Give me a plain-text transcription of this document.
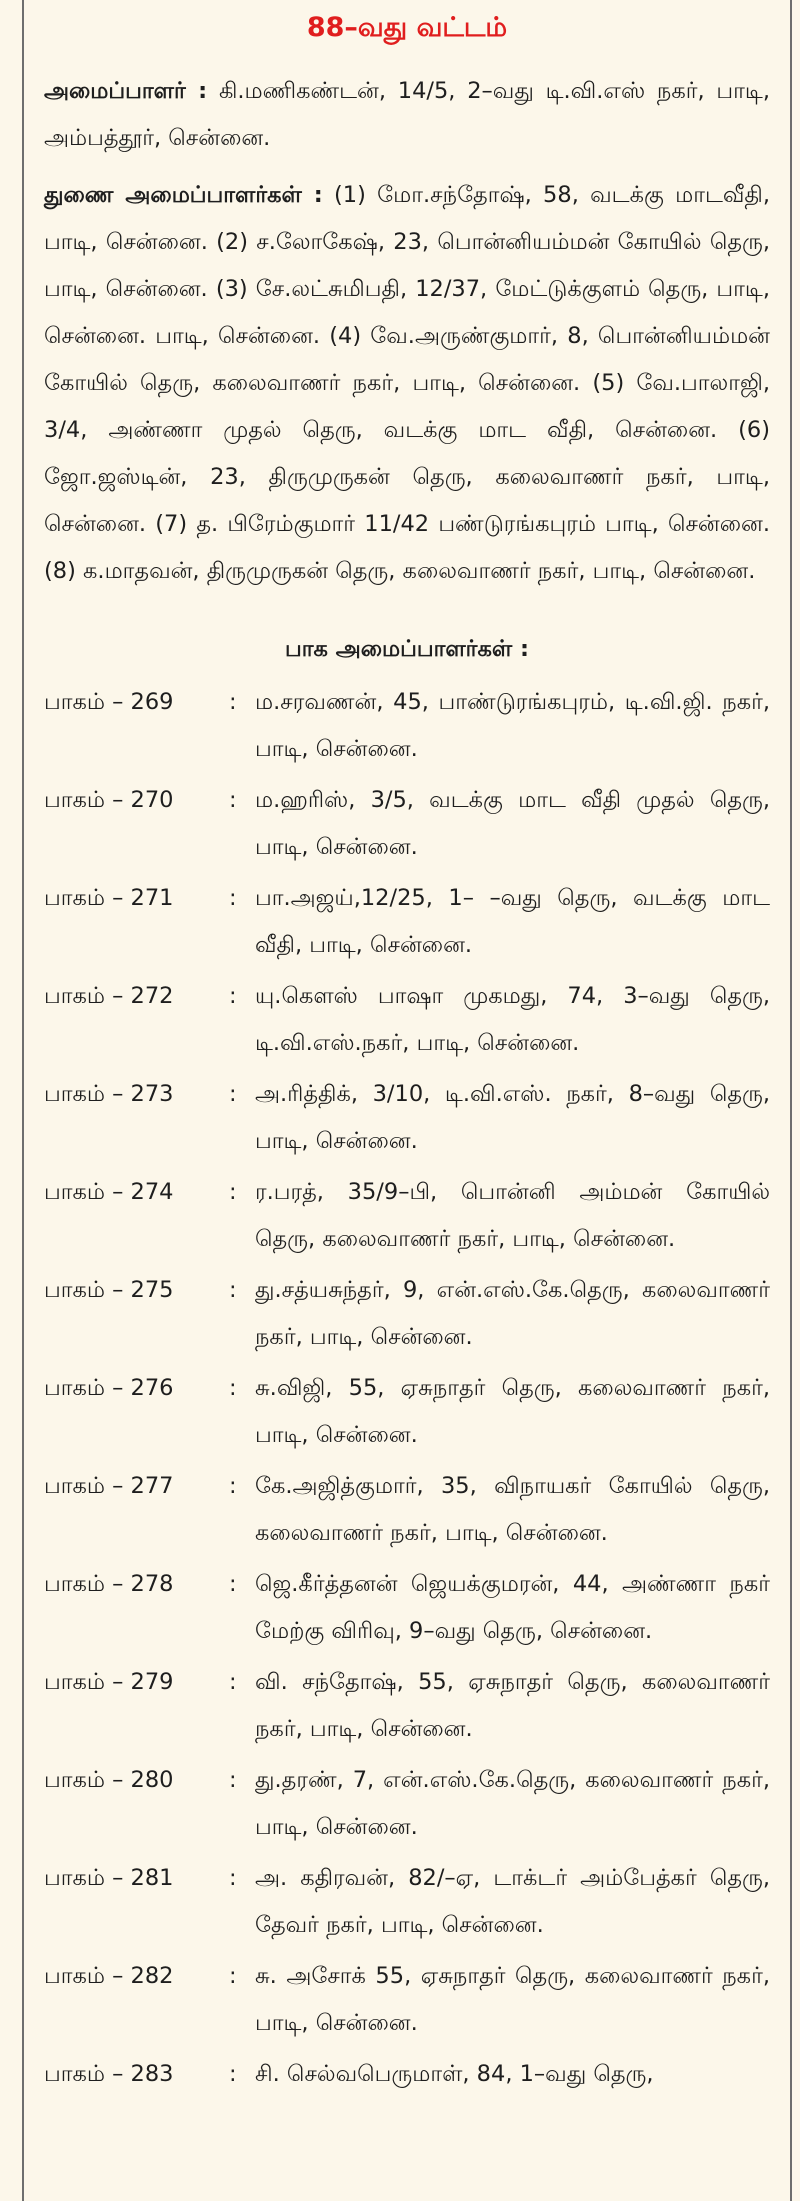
88–வது வட்டம்

அமைப்பாளர் : கி.மணிகண்டன், 14/5, 2–வது டி.வி.எஸ் நகர், பாடி, அம்பத்தூர், சென்னை.

துணை அமைப்பாளர்கள் : (1) மோ.சந்தோஷ், 58, வடக்கு மாடவீதி, பாடி, சென்னை. (2) ச.லோகேஷ், 23, பொன்னியம்மன் கோயில் தெரு, பாடி, சென்னை. (3) சே.லட்சுமிபதி, 12/37, மேட்டுக்குளம் தெரு, பாடி, சென்னை. பாடி, சென்னை. (4) வே.அருண்குமார், 8, பொன்னியம்மன் கோயில் தெரு, கலைவாணர் நகர், பாடி, சென்னை. (5) வே.பாலாஜி, 3/4, அண்ணா முதல் தெரு, வடக்கு மாட வீதி, சென்னை. (6) ஜோ.ஜஸ்டின், 23, திருமுருகன் தெரு, கலைவாணர் நகர், பாடி, சென்னை. (7) த. பிரேம்குமார் 11/42 பண்டுரங்கபுரம் பாடி, சென்னை. (8) க.மாதவன், திருமுருகன் தெரு, கலைவாணர் நகர், பாடி, சென்னை.

பாக அமைப்பாளர்கள் :
பாகம் – 269	: ம.சரவணன், 45, பாண்டுரங்கபுரம், டி.வி.ஜி. நகர், பாடி, சென்னை.
பாகம் – 270	: ம.ஹரிஸ், 3/5, வடக்கு மாட வீதி முதல் தெரு, பாடி, சென்னை.
பாகம் – 271	: பா.அஜய்,12/25, 1– –வது தெரு, வடக்கு மாட வீதி, பாடி, சென்னை.
பாகம் – 272	: யு.கௌஸ் பாஷா முகமது, 74, 3–வது தெரு, டி.வி.எஸ்.நகர், பாடி, சென்னை.
பாகம் – 273	: அ.ரித்திக், 3/10, டி.வி.எஸ். நகர், 8–வது தெரு, பாடி, சென்னை.
பாகம் – 274	: ர.பரத், 35/9–பி, பொன்னி அம்மன் கோயில் தெரு, கலைவாணர் நகர், பாடி, சென்னை.
பாகம் – 275	: து.சத்யசுந்தர், 9, என்.எஸ்.கே.தெரு, கலைவாணர் நகர், பாடி, சென்னை.
பாகம் – 276	: சு.விஜி, 55, ஏசுநாதர் தெரு, கலைவாணர் நகர், பாடி, சென்னை.
பாகம் – 277	: கே.அஜித்குமார், 35, விநாயகர் கோயில் தெரு, கலைவாணர் நகர், பாடி, சென்னை.
பாகம் – 278	: ஜெ.கீர்த்தனன் ஜெயக்குமரன், 44, அண்ணா நகர் மேற்கு விரிவு, 9–வது தெரு, சென்னை.
பாகம் – 279	: வி. சந்தோஷ், 55, ஏசுநாதர் தெரு, கலைவாணர் நகர், பாடி, சென்னை.
பாகம் – 280	: து.தரண், 7, என்.எஸ்.கே.தெரு, கலைவாணர் நகர், பாடி, சென்னை.
பாகம் – 281	: அ. கதிரவன், 82/–ஏ, டாக்டர் அம்பேத்கர் தெரு, தேவர் நகர், பாடி, சென்னை.
பாகம் – 282	: சு. அசோக் 55, ஏசுநாதர் தெரு, கலைவாணர் நகர், பாடி, சென்னை.
பாகம் – 283	: சி. செல்வபெருமாள், 84, 1–வது தெரு,
